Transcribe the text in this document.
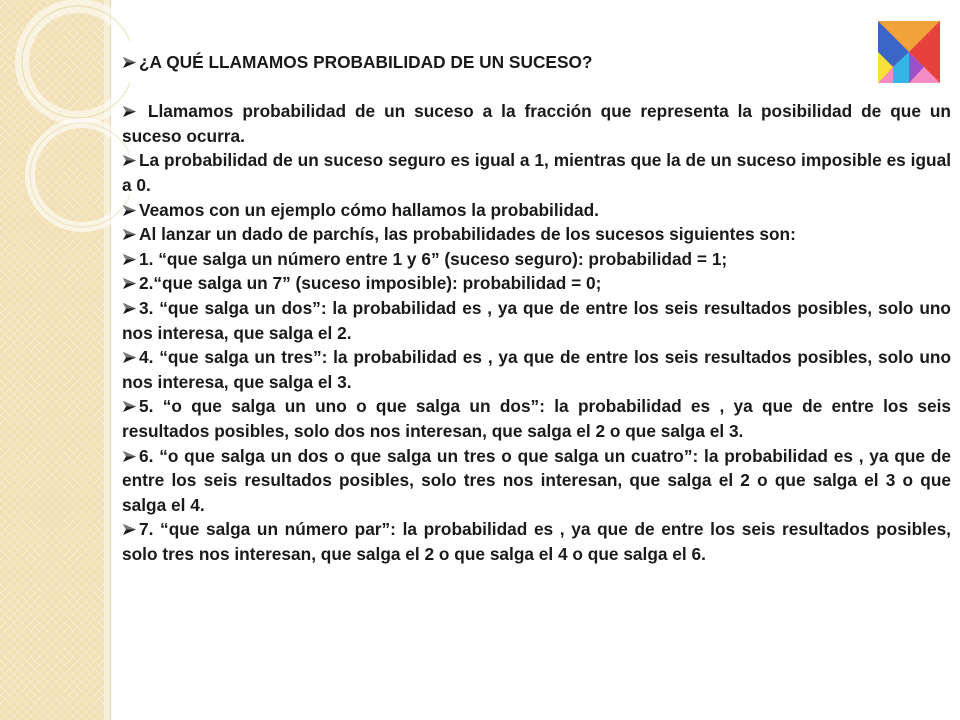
¿A QUÉ LLAMAMOS PROBABILIDAD DE UN SUCESO?

Llamamos probabilidad de un suceso a la fracción que representa la posibilidad de que un suceso ocurra.

La probabilidad de un suceso seguro es igual a 1, mientras que la de un suceso imposible es igual a 0.

Veamos con un ejemplo cómo hallamos la probabilidad.

Al lanzar un dado de parchís, las probabilidades de los sucesos siguientes son:

1. “que salga un número entre 1 y 6” (suceso seguro): probabilidad = 1;

2.“que salga un 7” (suceso imposible): probabilidad = 0;

3. “que salga un dos”: la probabilidad es , ya que de entre los seis resultados posibles, solo uno nos interesa, que salga el 2.

4. “que salga un tres”: la probabilidad es , ya que de entre los seis resultados posibles, solo uno nos interesa, que salga el 3.

5. “o que salga un uno o que salga un dos”: la probabilidad es , ya que de entre los seis resultados posibles, solo dos nos interesan, que salga el 2 o que salga el 3.

6. “o que salga un dos o que salga un tres o que salga un cuatro”: la probabilidad es , ya que de entre los seis resultados posibles, solo tres nos interesan, que salga el 2 o que salga el 3 o que salga el 4.

7. “que salga un número par”: la probabilidad es , ya que de entre los seis resultados posibles, solo tres nos interesan, que salga el 2 o que salga el 4 o que salga el 6.
